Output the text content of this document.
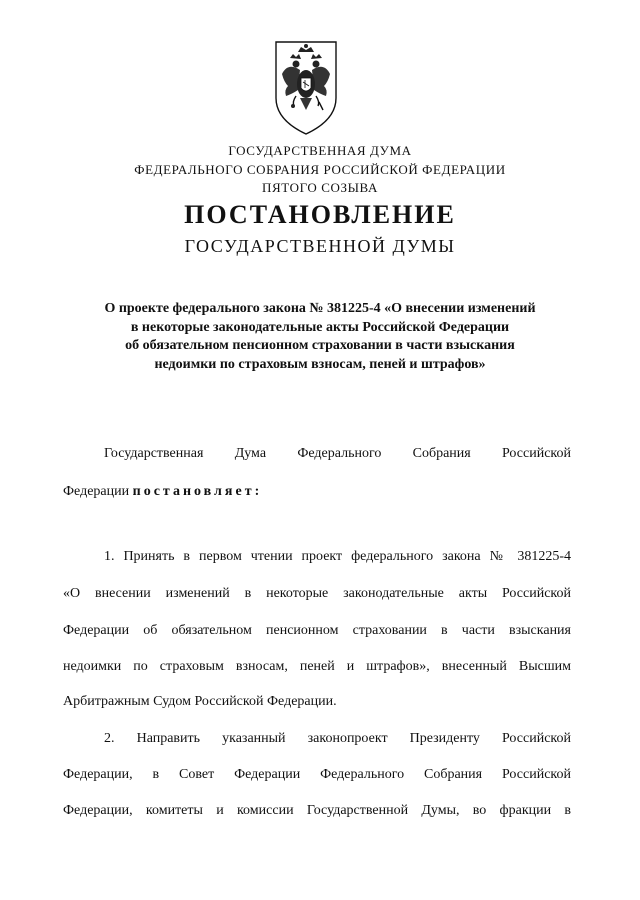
ГОСУДАРСТВЕННАЯ ДУМА
ФЕДЕРАЛЬНОГО СОБРАНИЯ РОССИЙСКОЙ ФЕДЕРАЦИИ
ПЯТОГО СОЗЫВА
ПОСТАНОВЛЕНИЕ
ГОСУДАРСТВЕННОЙ ДУМЫ
О проекте федерального закона № 381225-4 «О внесении изменений
в некоторые законодательные акты Российской Федерации
об обязательном пенсионном страховании в части взыскания
недоимки по страховым взносам, пеней и штрафов»
Государственная Дума Федерального Собрания Российской
Федерации постановляет:
1. Принять в первом чтении проект федерального закона № 381225-4
«О внесении изменений в некоторые законодательные акты Российской
Федерации об обязательном пенсионном страховании в части взыскания
недоимки по страховым взносам, пеней и штрафов», внесенный Высшим
Арбитражным Судом Российской Федерации.
2. Направить указанный законопроект Президенту Российской
Федерации, в Совет Федерации Федерального Собрания Российской
Федерации, комитеты и комиссии Государственной Думы, во фракции в
